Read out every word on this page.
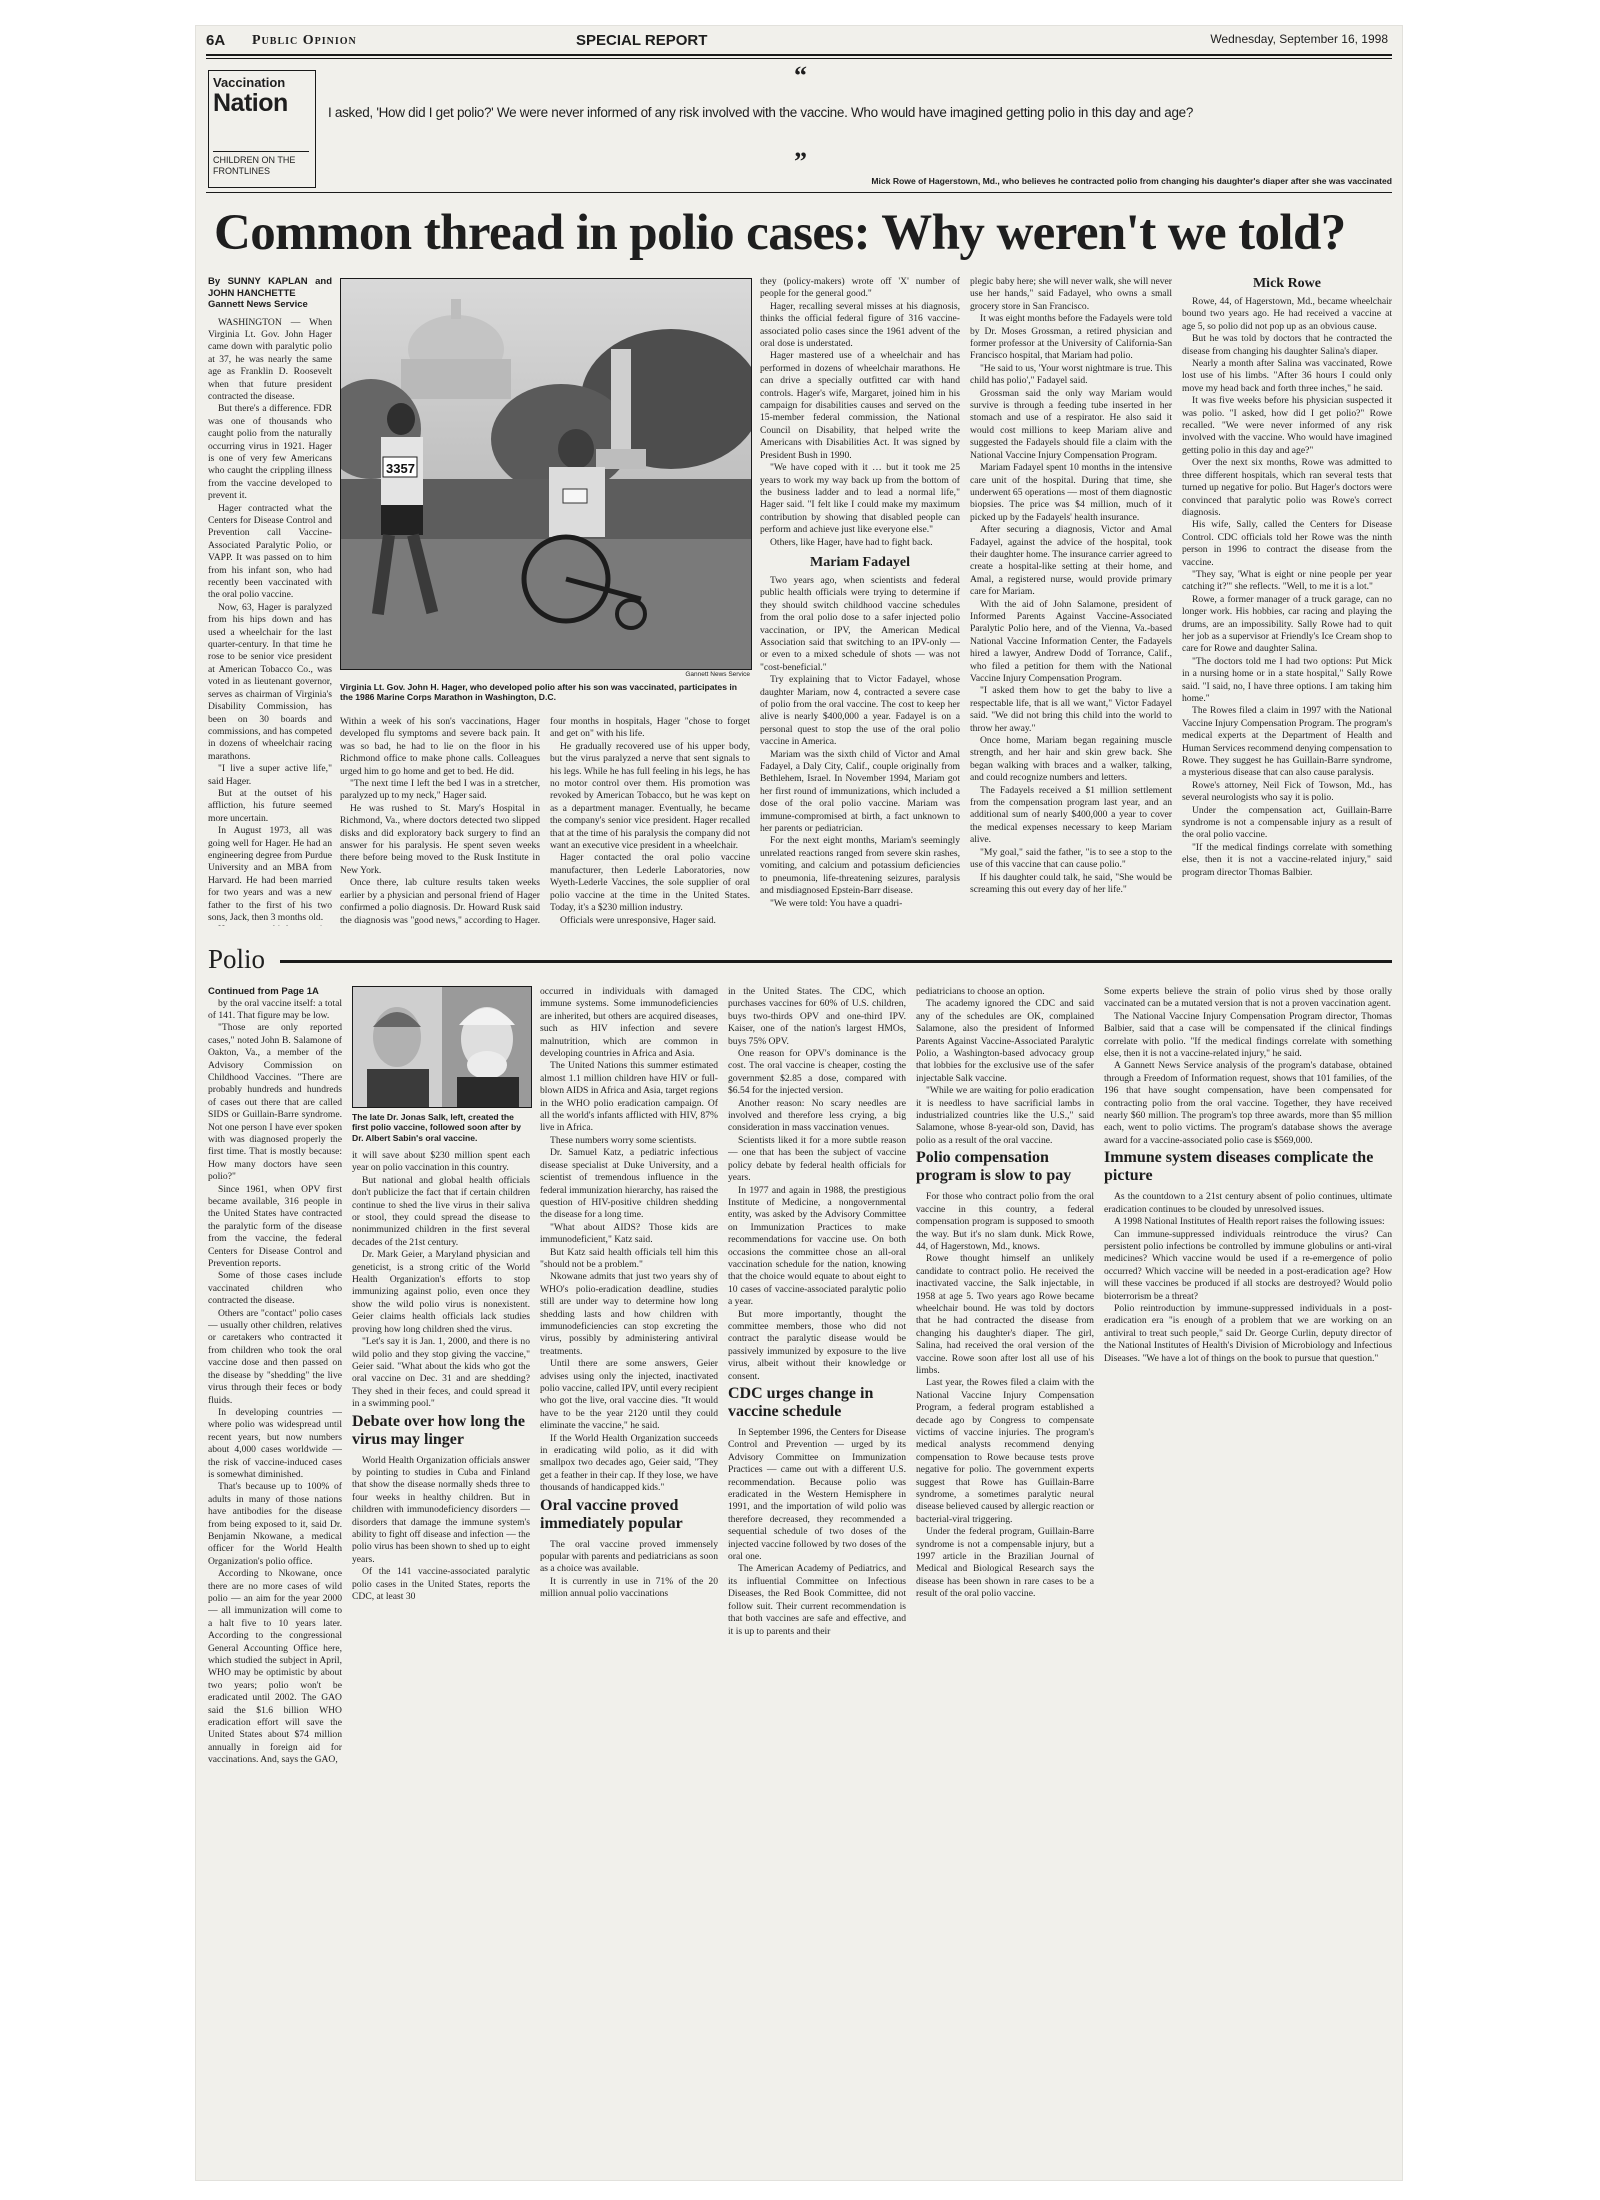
6A Public Opinion	SPECIAL REPORT	Wednesday, September 16, 1998
Vaccination
Nation
CHILDREN ON THE FRONTLINES
“
I asked, 'How did I get polio?' We were never informed of any risk involved with the vaccine. Who would have imagined getting polio in this day and age?
”
Mick Rowe of Hagerstown, Md., who believes he contracted polio from changing his daughter's diaper after she was vaccinated
Common thread in polio cases: Why weren't we told?

By SUNNY KAPLAN and JOHN HANCHETTE

Gannett News Service

WASHINGTON — When Virginia Lt. Gov. John Hager came down with paralytic polio at 37, he was nearly the same age as Franklin D. Roosevelt when that future president contracted the disease.

But there's a difference. FDR was one of thousands who caught polio from the naturally occurring virus in 1921. Hager is one of very few Americans who caught the crippling illness from the vaccine developed to prevent it.

Hager contracted what the Centers for Disease Control and Prevention call Vaccine-Associated Paralytic Polio, or VAPP. It was passed on to him from his infant son, who had recently been vaccinated with the oral polio vaccine.

Now, 63, Hager is paralyzed from his hips down and has used a wheelchair for the last quarter-century. In that time he rose to be senior vice president at American Tobacco Co., was voted in as lieutenant governor, serves as chairman of Virginia's Disability Commission, has been on 30 boards and commissions, and has competed in dozens of wheelchair racing marathons.

"I live a super active life," said Hager.

But at the outset of his affliction, his future seemed more uncertain.

In August 1973, all was going well for Hager. He had an engineering degree from Purdue University and an MBA from Harvard. He had been married for two years and was a new father to the first of his two sons, Jack, then 3 months old.

3357
Gannett News Service
Virginia Lt. Gov. John H. Hager, who developed polio after his son was vaccinated, participates in the 1986 Marine Corps Marathon in Washington, D.C.

Within a week of his son's vaccinations, Hager developed flu symptoms and severe back pain. It was so bad, he had to lie on the floor in his Richmond office to make phone calls. Colleagues urged him to go home and get to bed. He did.

"The next time I left the bed I was in a stretcher, paralyzed up to my neck," Hager said.

He was rushed to St. Mary's Hospital in Richmond, Va., where doctors detected two slipped disks and did exploratory back surgery to find an answer for his paralysis. He spent seven weeks there before being moved to the Rusk Institute in New York.

Once there, lab culture results taken weeks earlier by a physician and personal friend of Hager confirmed a polio diagnosis. Dr. Howard Rusk said the diagnosis was "good news," according to Hager.

four months in hospitals, Hager "chose to forget and get on" with his life.

He gradually recovered use of his upper body, but the virus paralyzed a nerve that sent signals to his legs. While he has full feeling in his legs, he has no motor control over them. His promotion was revoked by American Tobacco, but he was kept on as a department manager. Eventually, he became the company's senior vice president. Hager recalled that at the time of his paralysis the company did not want an executive vice president in a wheelchair.

Hager contacted the oral polio vaccine manufacturer, then Lederle Laboratories, now Wyeth-Lederle Vaccines, the sole supplier of oral polio vaccine at the time in the United States. Today, it's a $230 million industry.

Officials were unresponsive, Hager said.

they (policy-makers) wrote off 'X' number of people for the general good."

Hager, recalling several misses at his diagnosis, thinks the official federal figure of 316 vaccine-associated polio cases since the 1961 advent of the oral dose is understated.

Hager mastered use of a wheelchair and has performed in dozens of wheelchair marathons. He can drive a specially outfitted car with hand controls. Hager's wife, Margaret, joined him in his campaign for disabilities causes and served on the 15-member federal commission, the National Council on Disability, that helped write the Americans with Disabilities Act. It was signed by President Bush in 1990.

"We have coped with it … but it took me 25 years to work my way back up from the bottom of the business ladder and to lead a normal life," Hager said. "I felt like I could make my maximum contribution by showing that disabled people can perform and achieve just like everyone else."

Others, like Hager, have had to fight back.

Mariam Fadayel

Two years ago, when scientists and federal public health officials were trying to determine if they should switch childhood vaccine schedules from the oral polio dose to a safer injected polio vaccination, or IPV, the American Medical Association said that switching to an IPV-only — or even to a mixed schedule of shots — was not "cost-beneficial."

Try explaining that to Victor Fadayel, whose daughter Mariam, now 4, contracted a severe case of polio from the oral vaccine. The cost to keep her alive is nearly $400,000 a year. Fadayel is on a personal quest to stop the use of the oral polio vaccine in America.

Mariam was the sixth child of Victor and Amal Fadayel, a Daly City, Calif., couple originally from Bethlehem, Israel. In November 1994, Mariam got her first round of immunizations, which included a dose of the oral polio vaccine. Mariam was immune-compromised at birth, a fact unknown to her parents or pediatrician.

For the next eight months, Mariam's seemingly unrelated reactions ranged from severe skin rashes, vomiting, and calcium and potassium deficiencies to pneumonia, life-threatening seizures, paralysis and misdiagnosed Epstein-Barr disease.

"We were told: You have a quadri-

plegic baby here; she will never walk, she will never use her hands," said Fadayel, who owns a small grocery store in San Francisco.

It was eight months before the Fadayels were told by Dr. Moses Grossman, a retired physician and former professor at the University of California-San Francisco hospital, that Mariam had polio.

"He said to us, 'Your worst nightmare is true. This child has polio'," Fadayel said.

Grossman said the only way Mariam would survive is through a feeding tube inserted in her stomach and use of a respirator. He also said it would cost millions to keep Mariam alive and suggested the Fadayels should file a claim with the National Vaccine Injury Compensation Program.

Mariam Fadayel spent 10 months in the intensive care unit of the hospital. During that time, she underwent 65 operations — most of them diagnostic biopsies. The price was $4 million, much of it picked up by the Fadayels' health insurance.

After securing a diagnosis, Victor and Amal Fadayel, against the advice of the hospital, took their daughter home. The insurance carrier agreed to create a hospital-like setting at their home, and Amal, a registered nurse, would provide primary care for Mariam.

With the aid of John Salamone, president of Informed Parents Against Vaccine-Associated Paralytic Polio here, and of the Vienna, Va.-based National Vaccine Information Center, the Fadayels hired a lawyer, Andrew Dodd of Torrance, Calif., who filed a petition for them with the National Vaccine Injury Compensation Program.

"I asked them how to get the baby to live a respectable life, that is all we want," Victor Fadayel said. "We did not bring this child into the world to throw her away."

Once home, Mariam began regaining muscle strength, and her hair and skin grew back. She began walking with braces and a walker, talking, and could recognize numbers and letters.

The Fadayels received a $1 million settlement from the compensation program last year, and an additional sum of nearly $400,000 a year to cover the medical expenses necessary to keep Mariam alive.

"My goal," said the father, "is to see a stop to the use of this vaccine that can cause polio."

If his daughter could talk, he said, "She would be screaming this out every day of her life."

Mick Rowe

Rowe, 44, of Hagerstown, Md., became wheelchair bound two years ago. He had received a vaccine at age 5, so polio did not pop up as an obvious cause.

But he was told by doctors that he contracted the disease from changing his daughter Salina's diaper.

Nearly a month after Salina was vaccinated, Rowe lost use of his limbs. "After 36 hours I could only move my head back and forth three inches," he said.

It was five weeks before his physician suspected it was polio. "I asked, how did I get polio?" Rowe recalled. "We were never informed of any risk involved with the vaccine. Who would have imagined getting polio in this day and age?"

Over the next six months, Rowe was admitted to three different hospitals, which ran several tests that turned up negative for polio. But Hager's doctors were convinced that paralytic polio was Rowe's correct diagnosis.

His wife, Sally, called the Centers for Disease Control. CDC officials told her Rowe was the ninth person in 1996 to contract the disease from the vaccine.

"They say, 'What is eight or nine people per year catching it?'" she reflects. "Well, to me it is a lot."

Rowe, a former manager of a truck garage, can no longer work. His hobbies, car racing and playing the drums, are an impossibility. Sally Rowe had to quit her job as a supervisor at Friendly's Ice Cream shop to care for Rowe and daughter Salina.

"The doctors told me I had two options: Put Mick in a nursing home or in a state hospital," Sally Rowe said. "I said, no, I have three options. I am taking him home."

The Rowes filed a claim in 1997 with the National Vaccine Injury Compensation Program. The program's medical experts at the Department of Health and Human Services recommend denying compensation to Rowe. They suggest he has Guillain-Barre syndrome, a mysterious disease that can also cause paralysis.

Rowe's attorney, Neil Fick of Towson, Md., has several neurologists who say it is polio.

Under the compensation act, Guillain-Barre syndrome is not a compensable injury as a result of the oral polio vaccine.

"If the medical findings correlate with something else, then it is not a vaccine-related injury," said program director Thomas Balbier.

Polio

Continued from Page 1A

by the oral vaccine itself: a total of 141. That figure may be low.

"Those are only reported cases," noted John B. Salamone of Oakton, Va., a member of the Advisory Commission on Childhood Vaccines. "There are probably hundreds and hundreds of cases out there that are called SIDS or Guillain-Barre syndrome. Not one person I have ever spoken with was diagnosed properly the first time. That is mostly because: How many doctors have seen polio?"

Since 1961, when OPV first became available, 316 people in the United States have contracted the paralytic form of the disease from the vaccine, the federal Centers for Disease Control and Prevention reports.

Some of those cases include vaccinated children who contracted the disease.

Others are "contact" polio cases — usually other children, relatives or caretakers who contracted it from children who took the oral vaccine dose and then passed on the disease by "shedding" the live virus through their feces or body fluids.

In developing countries — where polio was widespread until recent years, but now numbers about 4,000 cases worldwide — the risk of vaccine-induced cases is somewhat diminished.

That's because up to 100% of adults in many of those nations have antibodies for the disease from being exposed to it, said Dr. Benjamin Nkowane, a medical officer for the World Health Organization's polio office.

According to Nkowane, once there are no more cases of wild polio — an aim for the year 2000 — all immunization will come to a halt five to 10 years later. According to the congressional General Accounting Office here, which studied the subject in April, WHO may be optimistic by about two years; polio won't be eradicated until 2002. The GAO said the $1.6 billion WHO eradication effort will save the United States about $74 million annually in foreign aid for vaccinations. And, says the GAO,

The late Dr. Jonas Salk, left, created the first polio vaccine, followed soon after by Dr. Albert Sabin's oral vaccine.

it will save about $230 million spent each year on polio vaccination in this country.

But national and global health officials don't publicize the fact that if certain children continue to shed the live virus in their saliva or stool, they could spread the disease to nonimmunized children in the first several decades of the 21st century.

Dr. Mark Geier, a Maryland physician and geneticist, is a strong critic of the World Health Organization's efforts to stop immunizing against polio, even once they show the wild polio virus is nonexistent. Geier claims health officials lack studies proving how long children shed the virus.

"Let's say it is Jan. 1, 2000, and there is no wild polio and they stop giving the vaccine," Geier said. "What about the kids who got the oral vaccine on Dec. 31 and are shedding? They shed in their feces, and could spread it in a swimming pool."

Debate over how long the virus may linger

World Health Organization officials answer by pointing to studies in Cuba and Finland that show the disease normally sheds three to four weeks in healthy children. But in children with immunodeficiency disorders — disorders that damage the immune system's ability to fight off disease and infection — the polio virus has been shown to shed up to eight years.

Of the 141 vaccine-associated paralytic polio cases in the United States, reports the CDC, at least 30

occurred in individuals with damaged immune systems. Some immunodeficiencies are inherited, but others are acquired diseases, such as HIV infection and severe malnutrition, which are common in developing countries in Africa and Asia.

The United Nations this summer estimated almost 1.1 million children have HIV or full-blown AIDS in Africa and Asia, target regions in the WHO polio eradication campaign. Of all the world's infants afflicted with HIV, 87% live in Africa.

These numbers worry some scientists.

Dr. Samuel Katz, a pediatric infectious disease specialist at Duke University, and a scientist of tremendous influence in the federal immunization hierarchy, has raised the question of HIV-positive children shedding the disease for a long time.

"What about AIDS? Those kids are immunodeficient," Katz said.

But Katz said health officials tell him this "should not be a problem."

Nkowane admits that just two years shy of WHO's polio-eradication deadline, studies still are under way to determine how long shedding lasts and how children with immunodeficiencies can stop excreting the virus, possibly by administering antiviral treatments.

Until there are some answers, Geier advises using only the injected, inactivated polio vaccine, called IPV, until every recipient who got the live, oral vaccine dies. "It would have to be the year 2120 until they could eliminate the vaccine," he said.

If the World Health Organization succeeds in eradicating wild polio, as it did with smallpox two decades ago, Geier said, "They get a feather in their cap. If they lose, we have thousands of handicapped kids."

Oral vaccine proved immediately popular

The oral vaccine proved immensely popular with parents and pediatricians as soon as a choice was available.

It is currently in use in 71% of the 20 million annual polio vaccinations

in the United States. The CDC, which purchases vaccines for 60% of U.S. children, buys two-thirds OPV and one-third IPV. Kaiser, one of the nation's largest HMOs, buys 75% OPV.

One reason for OPV's dominance is the cost. The oral vaccine is cheaper, costing the government $2.85 a dose, compared with $6.54 for the injected version.

Another reason: No scary needles are involved and therefore less crying, a big consideration in mass vaccination venues.

Scientists liked it for a more subtle reason — one that has been the subject of vaccine policy debate by federal health officials for years.

In 1977 and again in 1988, the prestigious Institute of Medicine, a nongovernmental entity, was asked by the Advisory Committee on Immunization Practices to make recommendations for vaccine use. On both occasions the committee chose an all-oral vaccination schedule for the nation, knowing that the choice would equate to about eight to 10 cases of vaccine-associated paralytic polio a year.

But more importantly, thought the committee members, those who did not contract the paralytic disease would be passively immunized by exposure to the live virus, albeit without their knowledge or consent.

CDC urges change in vaccine schedule

In September 1996, the Centers for Disease Control and Prevention — urged by its Advisory Committee on Immunization Practices — came out with a different U.S. recommendation. Because polio was eradicated in the Western Hemisphere in 1991, and the importation of wild polio was therefore decreased, they recommended a sequential schedule of two doses of the injected vaccine followed by two doses of the oral one.

The American Academy of Pediatrics, and its influential Committee on Infectious Diseases, the Red Book Committee, did not follow suit. Their current recommendation is that both vaccines are safe and effective, and it is up to parents and their

pediatricians to choose an option.

The academy ignored the CDC and said any of the schedules are OK, complained Salamone, also the president of Informed Parents Against Vaccine-Associated Paralytic Polio, a Washington-based advocacy group that lobbies for the exclusive use of the safer injectable Salk vaccine.

"While we are waiting for polio eradication it is needless to have sacrificial lambs in industrialized countries like the U.S.," said Salamone, whose 8-year-old son, David, has polio as a result of the oral vaccine.

Polio compensation program is slow to pay

For those who contract polio from the oral vaccine in this country, a federal compensation program is supposed to smooth the way. But it's no slam dunk. Mick Rowe, 44, of Hagerstown, Md., knows.

Rowe thought himself an unlikely candidate to contract polio. He received the inactivated vaccine, the Salk injectable, in 1958 at age 5. Two years ago Rowe became wheelchair bound. He was told by doctors that he had contracted the disease from changing his daughter's diaper. The girl, Salina, had received the oral version of the vaccine. Rowe soon after lost all use of his limbs.

Last year, the Rowes filed a claim with the National Vaccine Injury Compensation Program, a federal program established a decade ago by Congress to compensate victims of vaccine injuries. The program's medical analysts recommend denying compensation to Rowe because tests prove negative for polio. The government experts suggest that Rowe has Guillain-Barre syndrome, a sometimes paralytic neural disease believed caused by allergic reaction or bacterial-viral triggering.

Under the federal program, Guillain-Barre syndrome is not a compensable injury, but a 1997 article in the Brazilian Journal of Medical and Biological Research says the disease has been shown in rare cases to be a result of the oral polio vaccine.

Some experts believe the strain of polio virus shed by those orally vaccinated can be a mutated version that is not a proven vaccination agent.

The National Vaccine Injury Compensation Program director, Thomas Balbier, said that a case will be compensated if the clinical findings correlate with polio. "If the medical findings correlate with something else, then it is not a vaccine-related injury," he said.

A Gannett News Service analysis of the program's database, obtained through a Freedom of Information request, shows that 101 families, of the 196 that have sought compensation, have been compensated for contracting polio from the oral vaccine. Together, they have received nearly $60 million. The program's top three awards, more than $5 million each, went to polio victims. The program's database shows the average award for a vaccine-associated polio case is $569,000.

Immune system diseases complicate the picture

As the countdown to a 21st century absent of polio continues, ultimate eradication continues to be clouded by unresolved issues.

A 1998 National Institutes of Health report raises the following issues:

Can immune-suppressed individuals reintroduce the virus? Can persistent polio infections be controlled by immune globulins or anti-viral medicines? Which vaccine would be used if a re-emergence of polio occurred? Which vaccine will be needed in a post-eradication age? How will these vaccines be produced if all stocks are destroyed? Would polio bioterrorism be a threat?

Polio reintroduction by immune-suppressed individuals in a post-eradication era "is enough of a problem that we are working on an antiviral to treat such people," said Dr. George Curlin, deputy director of the National Institutes of Health's Division of Microbiology and Infectious Diseases. "We have a lot of things on the book to pursue that question."
